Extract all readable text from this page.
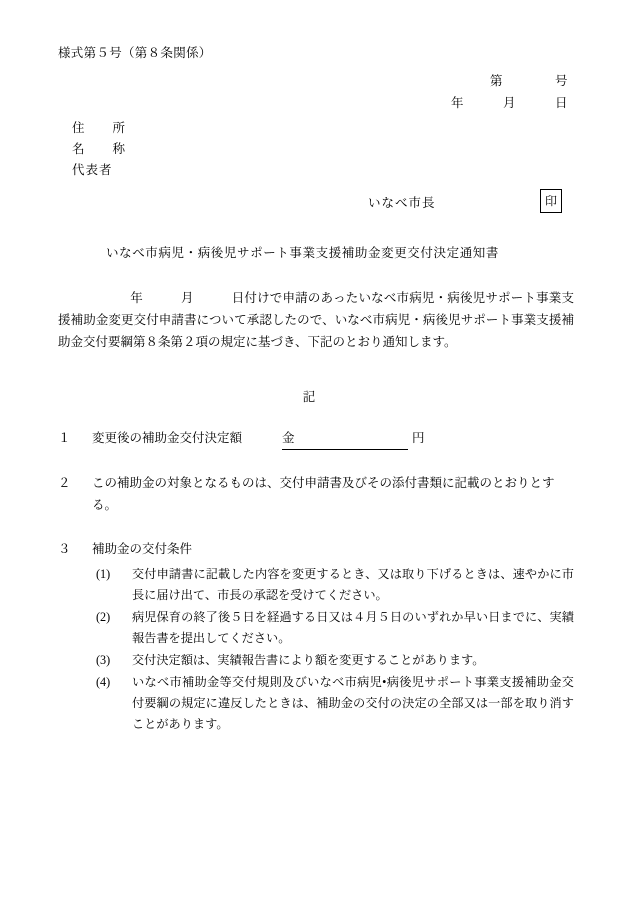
様式第５号（第８条関係）
第　　　　号
年　　　月　　　日
住　　所
名　　称
代表者
いなべ市長	印
いなべ市病児・病後児サポート事業支援補助金変更交付決定通知書
年　　　月　　　日付けで申請のあったいなべ市病児・病後児サポート事業支援補助金変更交付申請書について承認したので、いなべ市病児・病後児サポート事業支援補助金交付要綱第８条第２項の規定に基づき、下記のとおり通知します。
記
１	変更後の補助金交付決定額	金	円
２	この補助金の対象となるものは、交付申請書及びその添付書類に記載のとおりとする。
３	補助金の交付条件
(1)	交付申請書に記載した内容を変更するとき、又は取り下げるときは、速やかに市長に届け出て、市長の承認を受けてください。
(2)	病児保育の終了後５日を経過する日又は４月５日のいずれか早い日までに、実績報告書を提出してください。
(3)	交付決定額は、実績報告書により額を変更することがあります。
(4)	いなべ市補助金等交付規則及びいなべ市病児•病後児サポート事業支援補助金交付要綱の規定に違反したときは、補助金の交付の決定の全部又は一部を取り消すことがあります。
